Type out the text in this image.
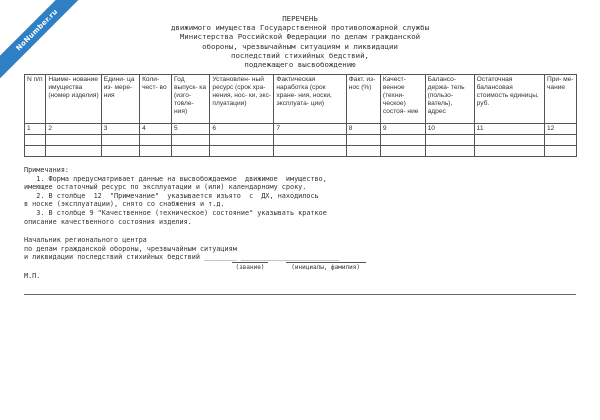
NoNumber.ru	ПЕРЕЧЕНЬ
движимого имущества Государственной противопожарной службы
Министерства Российской Федерации по делам гражданской
обороны, чрезвычайным ситуациям и ликвидации
последствий стихийных бедствий,
подлежащего высвобождению
N п/п	Наиме- нование имущества (номер изделия)	Едини- ца из- мере- ния	Коли- чест- во	Год выпуск- ка (изго- товле- ния)	Установлен- ный ресурс (срок хра- нения, нос- ки, экс- плуатации)	Фактическая наработка (срок хране- ния, носки, эксплуата- ции)	Факт. из- нос (%)	Качест- венное (техни- ческое) состоя- ние	Балансо- держа- тель (пользо- ватель), адрес	Остаточная балансовая стоимость единицы, руб.	При- ме- чание
1	2	3	4	5	6	7	8	9	10	11	12

Примечания:
1. Форма предусматривает данные на высвобождаемое  движимое  имущество,
имеющее остаточный ресурс по эксплуатации и (или) календарному сроку.
2. В столбце  12  "Примечание"  указывается изъято  с  ДХ, находилось
в носке (эксплуатации), снято со снабжения и т.д.
3. В столбце 9 "Качественное (техническое) состояние" указывать краткое
описание качественного состояния изделия.
Начальник регионального центра
по делам гражданской обороны, чрезвычайным ситуациям
и ликвидации последствий стихийных бедствий ________ ________________________
(звание)	(инициалы, фамилия)
М.П.
